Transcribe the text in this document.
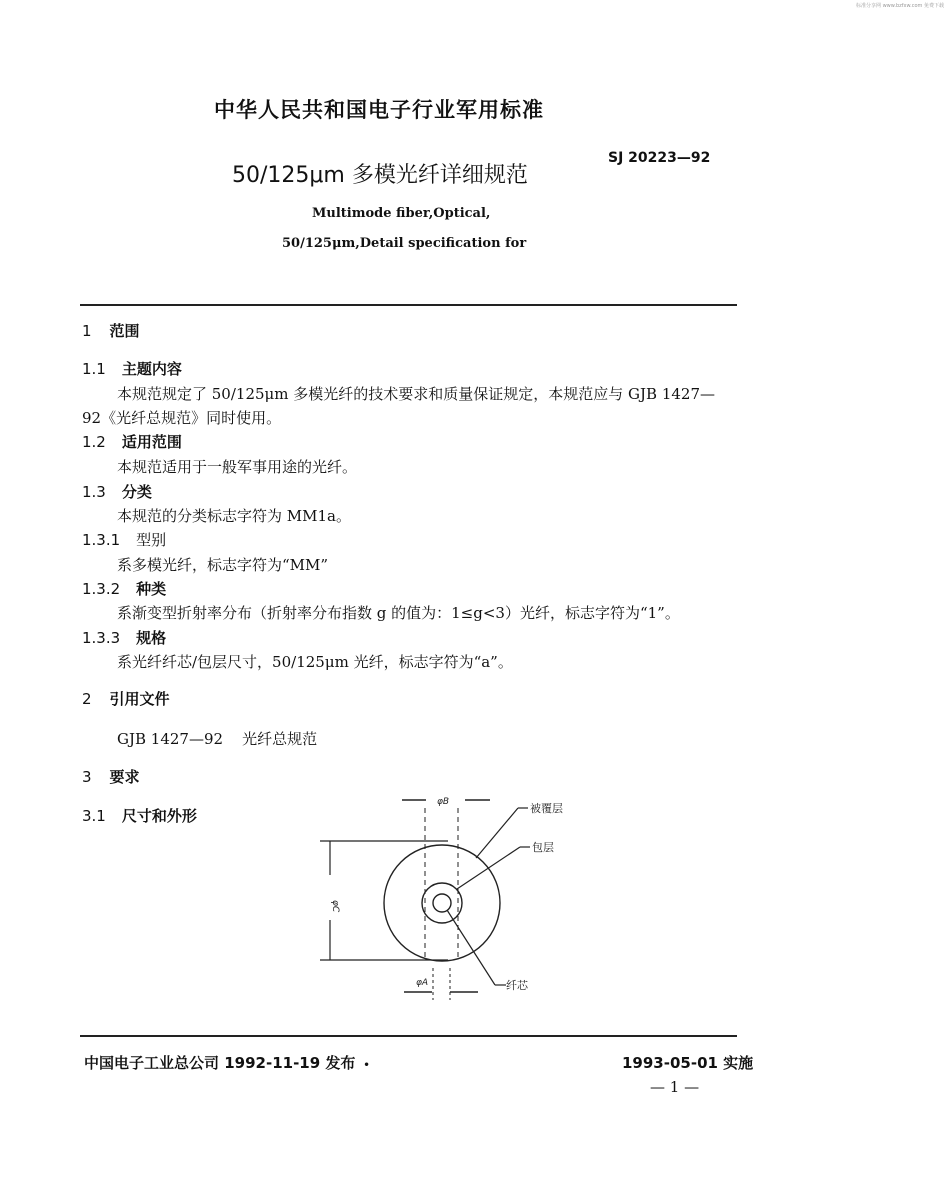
标准分享网 www.bzfxw.com 免费下载
中华人民共和国电子行业军用标准
50/125μm 多模光纤详细规范
SJ 20223—92
Multimode fiber,Optical,
50/125μm,Detail specification for
1 范围
1.1 主题内容
本规范规定了 50/125μm 多模光纤的技术要求和质量保证规定，本规范应与 GJB 1427—
92《光纤总规范》同时使用。
1.2 适用范围
本规范适用于一般军事用途的光纤。
1.3 分类
本规范的分类标志字符为 MM1a。
1.3.1 型别
系多模光纤，标志字符为“MM”
1.3.2 种类
系渐变型折射率分布（折射率分布指数 g 的值为：1≤g<3）光纤，标志字符为“1”。
1.3.3 规格
系光纤纤芯/包层尺寸，50/125μm 光纤，标志字符为“a”。
2 引用文件
GJB 1427—92    光纤总规范
3 要求
3.1 尺寸和外形	被覆层
包层
纤芯
φB
φA
φC
中国电子工业总公司 1992-11-19 发布 •	1993-05-01 实施
— 1 —
